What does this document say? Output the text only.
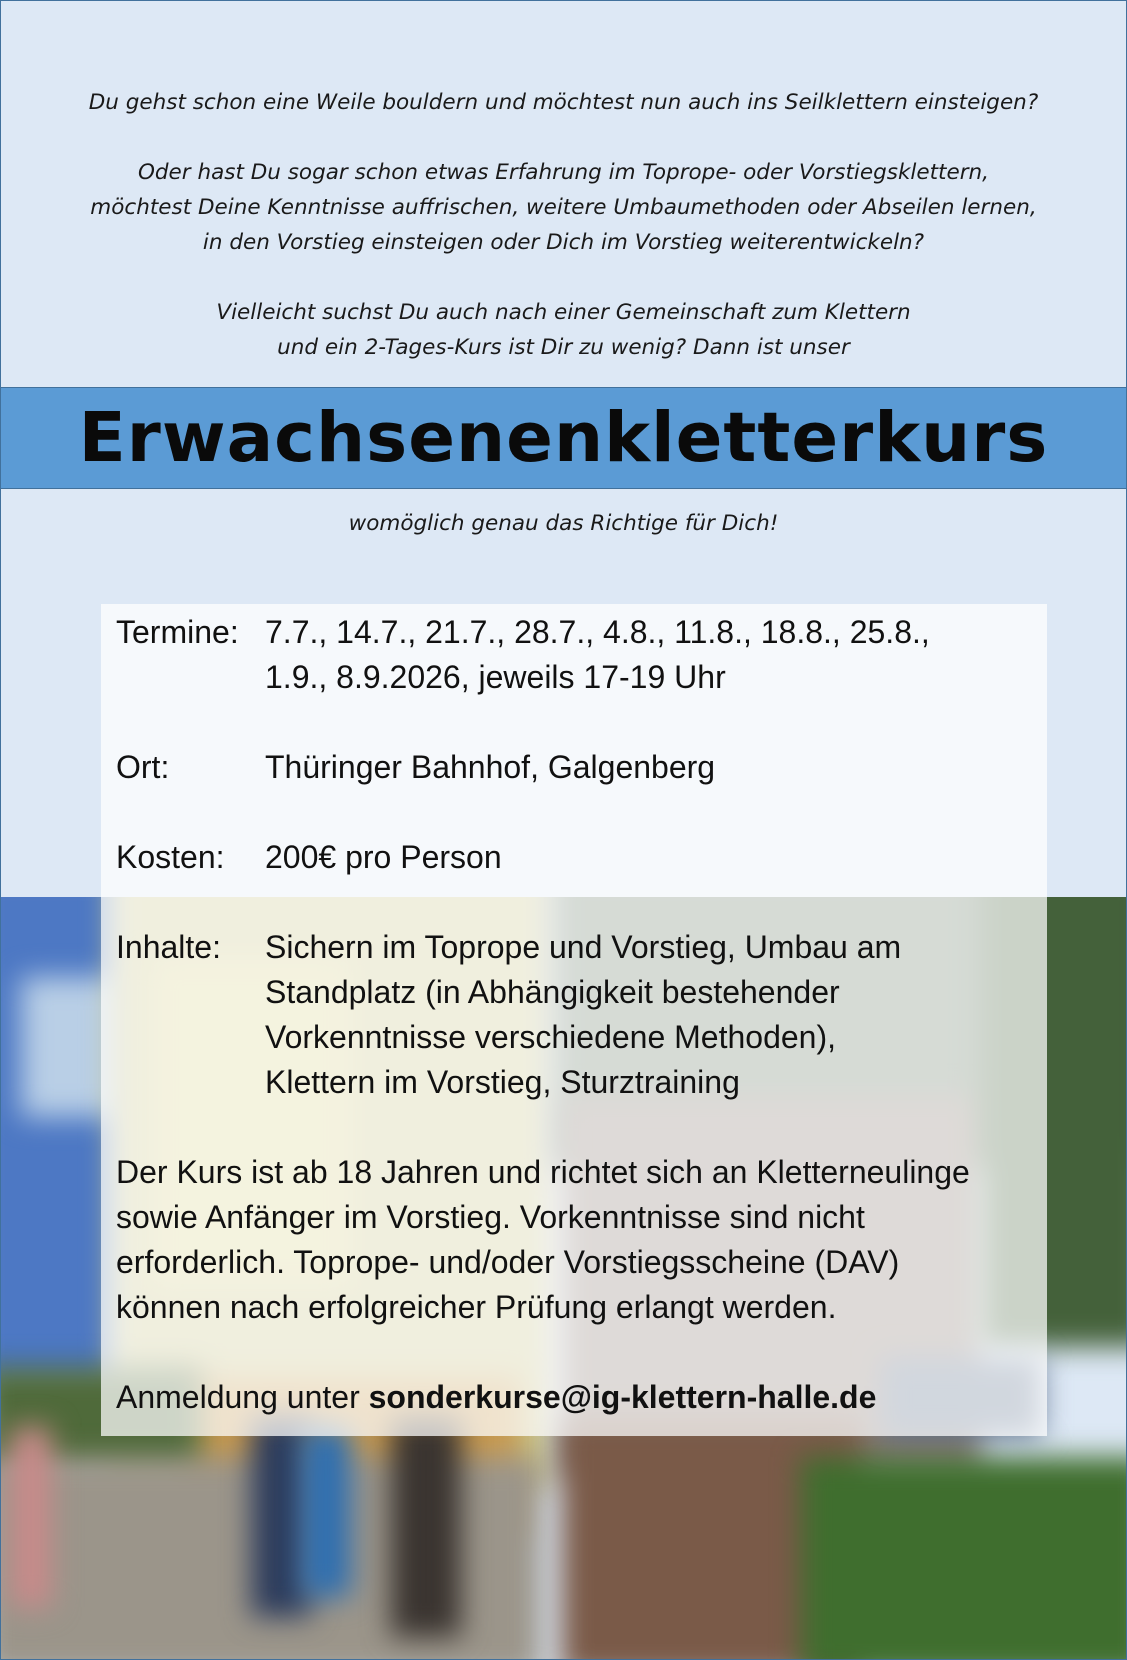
Du gehst schon eine Weile bouldern und möchtest nun auch ins Seilklettern einsteigen?

Oder hast Du sogar schon etwas Erfahrung im Toprope- oder Vorstiegsklettern,
möchtest Deine Kenntnisse auffrischen, weitere Umbaumethoden oder Abseilen lernen,
in den Vorstieg einsteigen oder Dich im Vorstieg weiterentwickeln?

Vielleicht suchst Du auch nach einer Gemeinschaft zum Klettern
und ein 2-Tages-Kurs ist Dir zu wenig? Dann ist unser

Erwachsenenkletterkurs
womöglich genau das Richtige für Dich!
Termine: 7.7., 14.7., 21.7., 28.7., 4.8., 11.8., 18.8., 25.8.,
1.9., 8.9.2026, jeweils 17-19 Uhr
Ort:	Thüringer Bahnhof, Galgenberg
Kosten:	200€ pro Person
Inhalte:	Sichern im Toprope und Vorstieg, Umbau am
Standplatz (in Abhängigkeit bestehender
Vorkenntnisse verschiedene Methoden),
Klettern im Vorstieg, Sturztraining
Der Kurs ist ab 18 Jahren und richtet sich an Kletterneulinge
sowie Anfänger im Vorstieg. Vorkenntnisse sind nicht
erforderlich. Toprope- und/oder Vorstiegsscheine (DAV)
können nach erfolgreicher Prüfung erlangt werden.
Anmeldung unter sonderkurse@ig-klettern-halle.de
